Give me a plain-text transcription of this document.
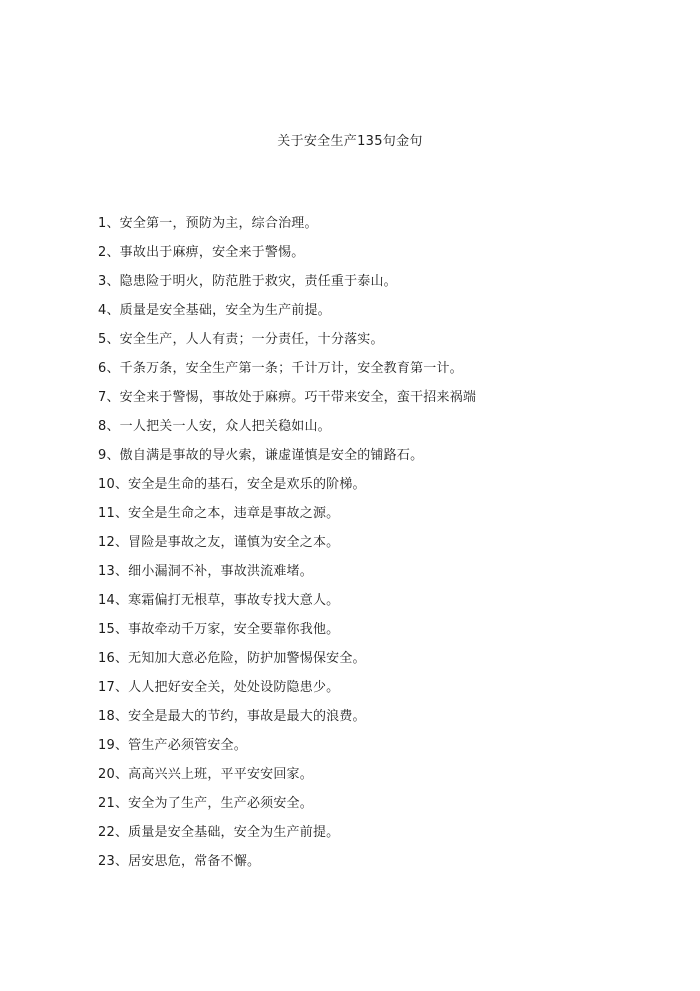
关于安全生产135句金句
1、安全第一，预防为主，综合治理。
2、事故出于麻痹，安全来于警惕。
3、隐患险于明火，防范胜于救灾，责任重于泰山。
4、质量是安全基础，安全为生产前提。
5、安全生产，人人有责；一分责任，十分落实。
6、千条万条，安全生产第一条；千计万计，安全教育第一计。
7、安全来于警惕，事故处于麻痹。巧干带来安全，蛮干招来祸端
8、一人把关一人安，众人把关稳如山。
9、傲自满是事故的导火索，谦虚谨慎是安全的铺路石。
10、安全是生命的基石，安全是欢乐的阶梯。
11、安全是生命之本，违章是事故之源。
12、冒险是事故之友，谨慎为安全之本。
13、细小漏洞不补，事故洪流难堵。
14、寒霜偏打无根草，事故专找大意人。
15、事故牵动千万家，安全要靠你我他。
16、无知加大意必危险，防护加警惕保安全。
17、人人把好安全关，处处设防隐患少。
18、安全是最大的节约，事故是最大的浪费。
19、管生产必须管安全。
20、高高兴兴上班，平平安安回家。
21、安全为了生产，生产必须安全。
22、质量是安全基础，安全为生产前提。
23、居安思危，常备不懈。
